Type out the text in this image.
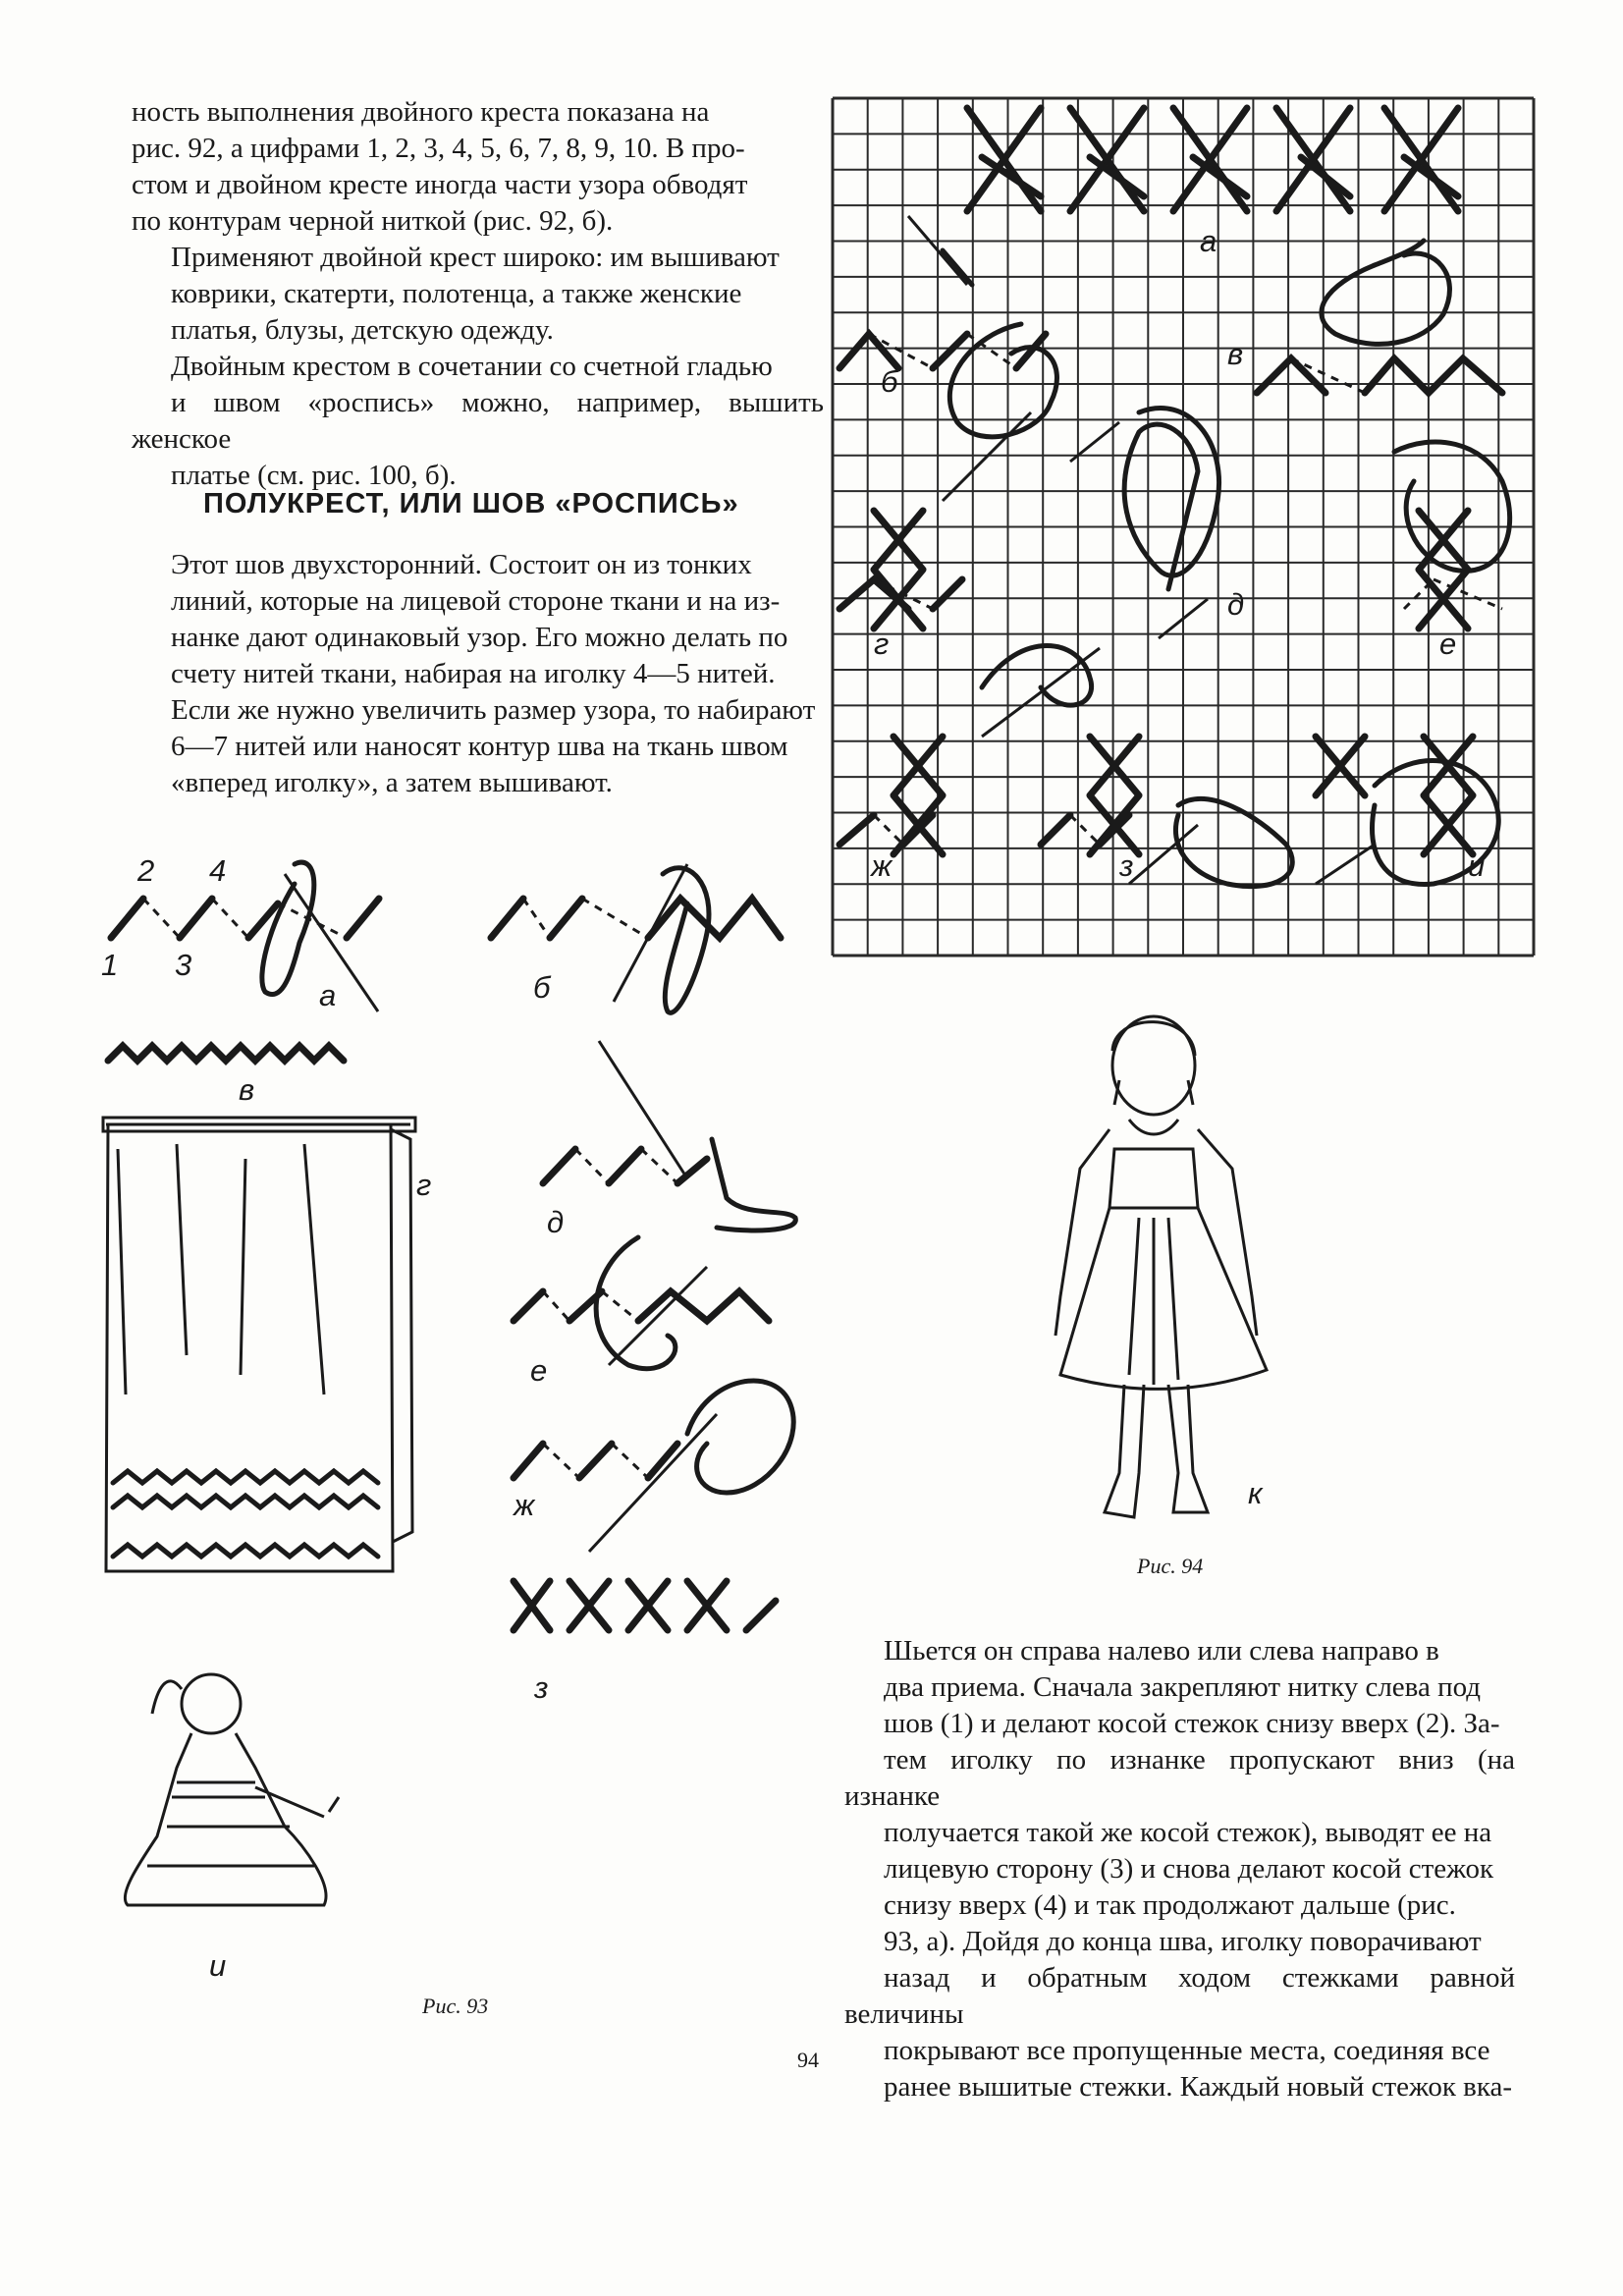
ность выполнения двойного креста показана на
рис. 92, а цифрами 1, 2, 3, 4, 5, 6, 7, 8, 9, 10. В про-
стом и двойном кресте иногда части узора обводят
по контурам черной ниткой (рис. 92, б).

Применяют двойной крест широко: им вышивают
коврики, скатерти, полотенца, а также женские
платья, блузы, детскую одежду.

Двойным крестом в сочетании со счетной гладью
и швом «роспись» можно, например, вышить женское
платье (см. рис. 100, б).

ПОЛУКРЕСТ, ИЛИ ШОВ «РОСПИСЬ»

Этот шов двухсторонний. Состоит он из тонких
линий, которые на лицевой стороне ткани и на из-
нанке дают одинаковый узор. Его можно делать по
счету нитей ткани, набирая на иголку 4—5 нитей.
Если же нужно увеличить размер узора, то набирают
6—7 нитей или наносят контур шва на ткань швом
«вперед иголку», а затем вышивают.

а
б
в
г
д
е
ж	з	и
1
2
3
4
а	б
в
г
д
е
ж
з
и
Рис. 93
к
Рис. 94

Шьется он справа налево или слева направо в
два приема. Сначала закрепляют нитку слева под
шов (1) и делают косой стежок снизу вверх (2). За-
тем иголку по изнанке пропускают вниз (на изнанке
получается такой же косой стежок), выводят ее на
лицевую сторону (3) и снова делают косой стежок
снизу вверх (4) и так продолжают дальше (рис.
93, а). Дойдя до конца шва, иголку поворачивают
назад и обратным ходом стежками равной величины
покрывают все пропущенные места, соединяя все
ранее вышитые стежки. Каждый новый стежок вка-

94
